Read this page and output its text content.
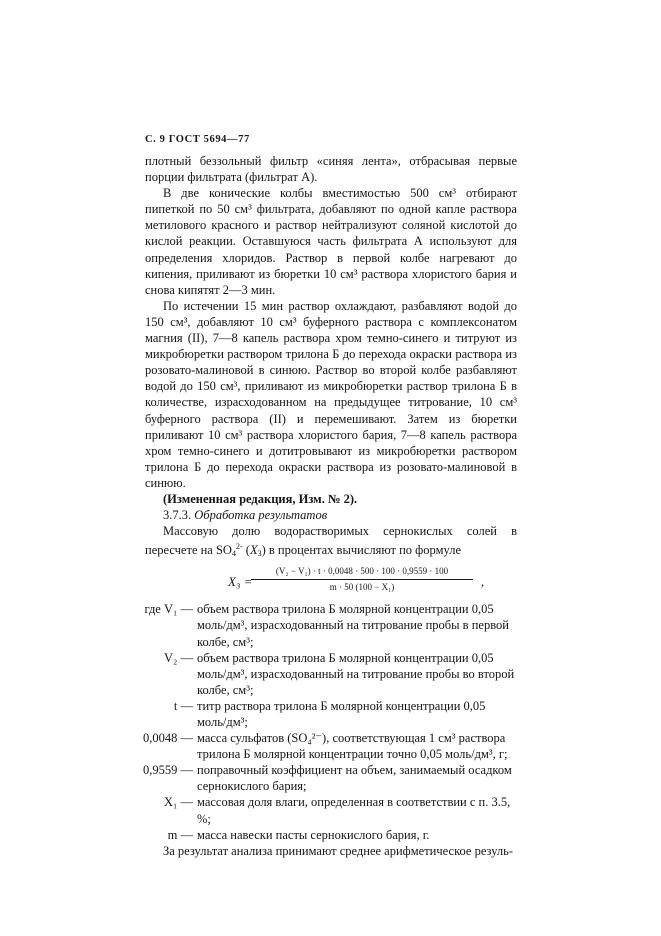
С. 9 ГОСТ 5694—77

плотный беззольный фильтр «синяя лента», отбрасывая первые порции фильтрата (фильтрат А).

В две конические колбы вместимостью 500 см³ отбирают пипеткой по 50 см³ фильтрата, добавляют по одной капле раствора метилового красного и раствор нейтрализуют соляной кислотой до кислой реакции. Оставшуюся часть фильтрата А используют для определения хлоридов. Раствор в первой колбе нагревают до кипения, приливают из бюретки 10 см³ раствора хлористого бария и снова кипятят 2—3 мин.

По истечении 15 мин раствор охлаждают, разбавляют водой до 150 см³, добавляют 10 см³ буферного раствора с комплексонатом магния (II), 7—8 капель раствора хром темно-синего и титруют из микробюретки раствором трилона Б до перехода окраски раствора из розовато-малиновой в синюю. Раствор во второй колбе разбавляют водой до 150 см³, приливают из микробюретки раствор трилона Б в количестве, израсходованном на предыдущее титрование, 10 см³ буферного раствора (II) и перемешивают. Затем из бюретки приливают 10 см³ раствора хлористого бария, 7—8 капель раствора хром темно-синего и дотитровывают из микробюретки раствором трилона Б до перехода окраски раствора из розовато-малиновой в синюю.

(Измененная редакция, Изм. № 2).

3.7.3. Обработка результатов

Массовую долю водорастворимых сернокислых солей в пересчете на $SO_4^{2-}$ $(X_3)$ в процентах вычисляют по формуле

X₃ =
(V₂ − V₁) · t · 0,0048 · 500 · 100 · 0,9559 · 100
m · 50 (100 − X₁)	,
где V₁ — объем раствора трилона Б молярной концентрации 0,05 моль/дм³, израсходованный на титрование пробы в первой колбе, см³;
V₂ — объем раствора трилона Б молярной концентрации 0,05 моль/дм³, израсходованный на титрование пробы во второй колбе, см³;
t — титр раствора трилона Б молярной концентрации 0,05 моль/дм³;
0,0048 — масса сульфатов (SO₄²⁻), соответствующая 1 см³ раствора трилона Б молярной концентрации точно 0,05 моль/дм³, г;
0,9559 — поправочный коэффициент на объем, занимаемый осадком сернокислого бария;
X₁ — массовая доля влаги, определенная в соответствии с п. 3.5, %;
m — масса навески пасты сернокислого бария, г.

За результат анализа принимают среднее арифметическое резуль-
